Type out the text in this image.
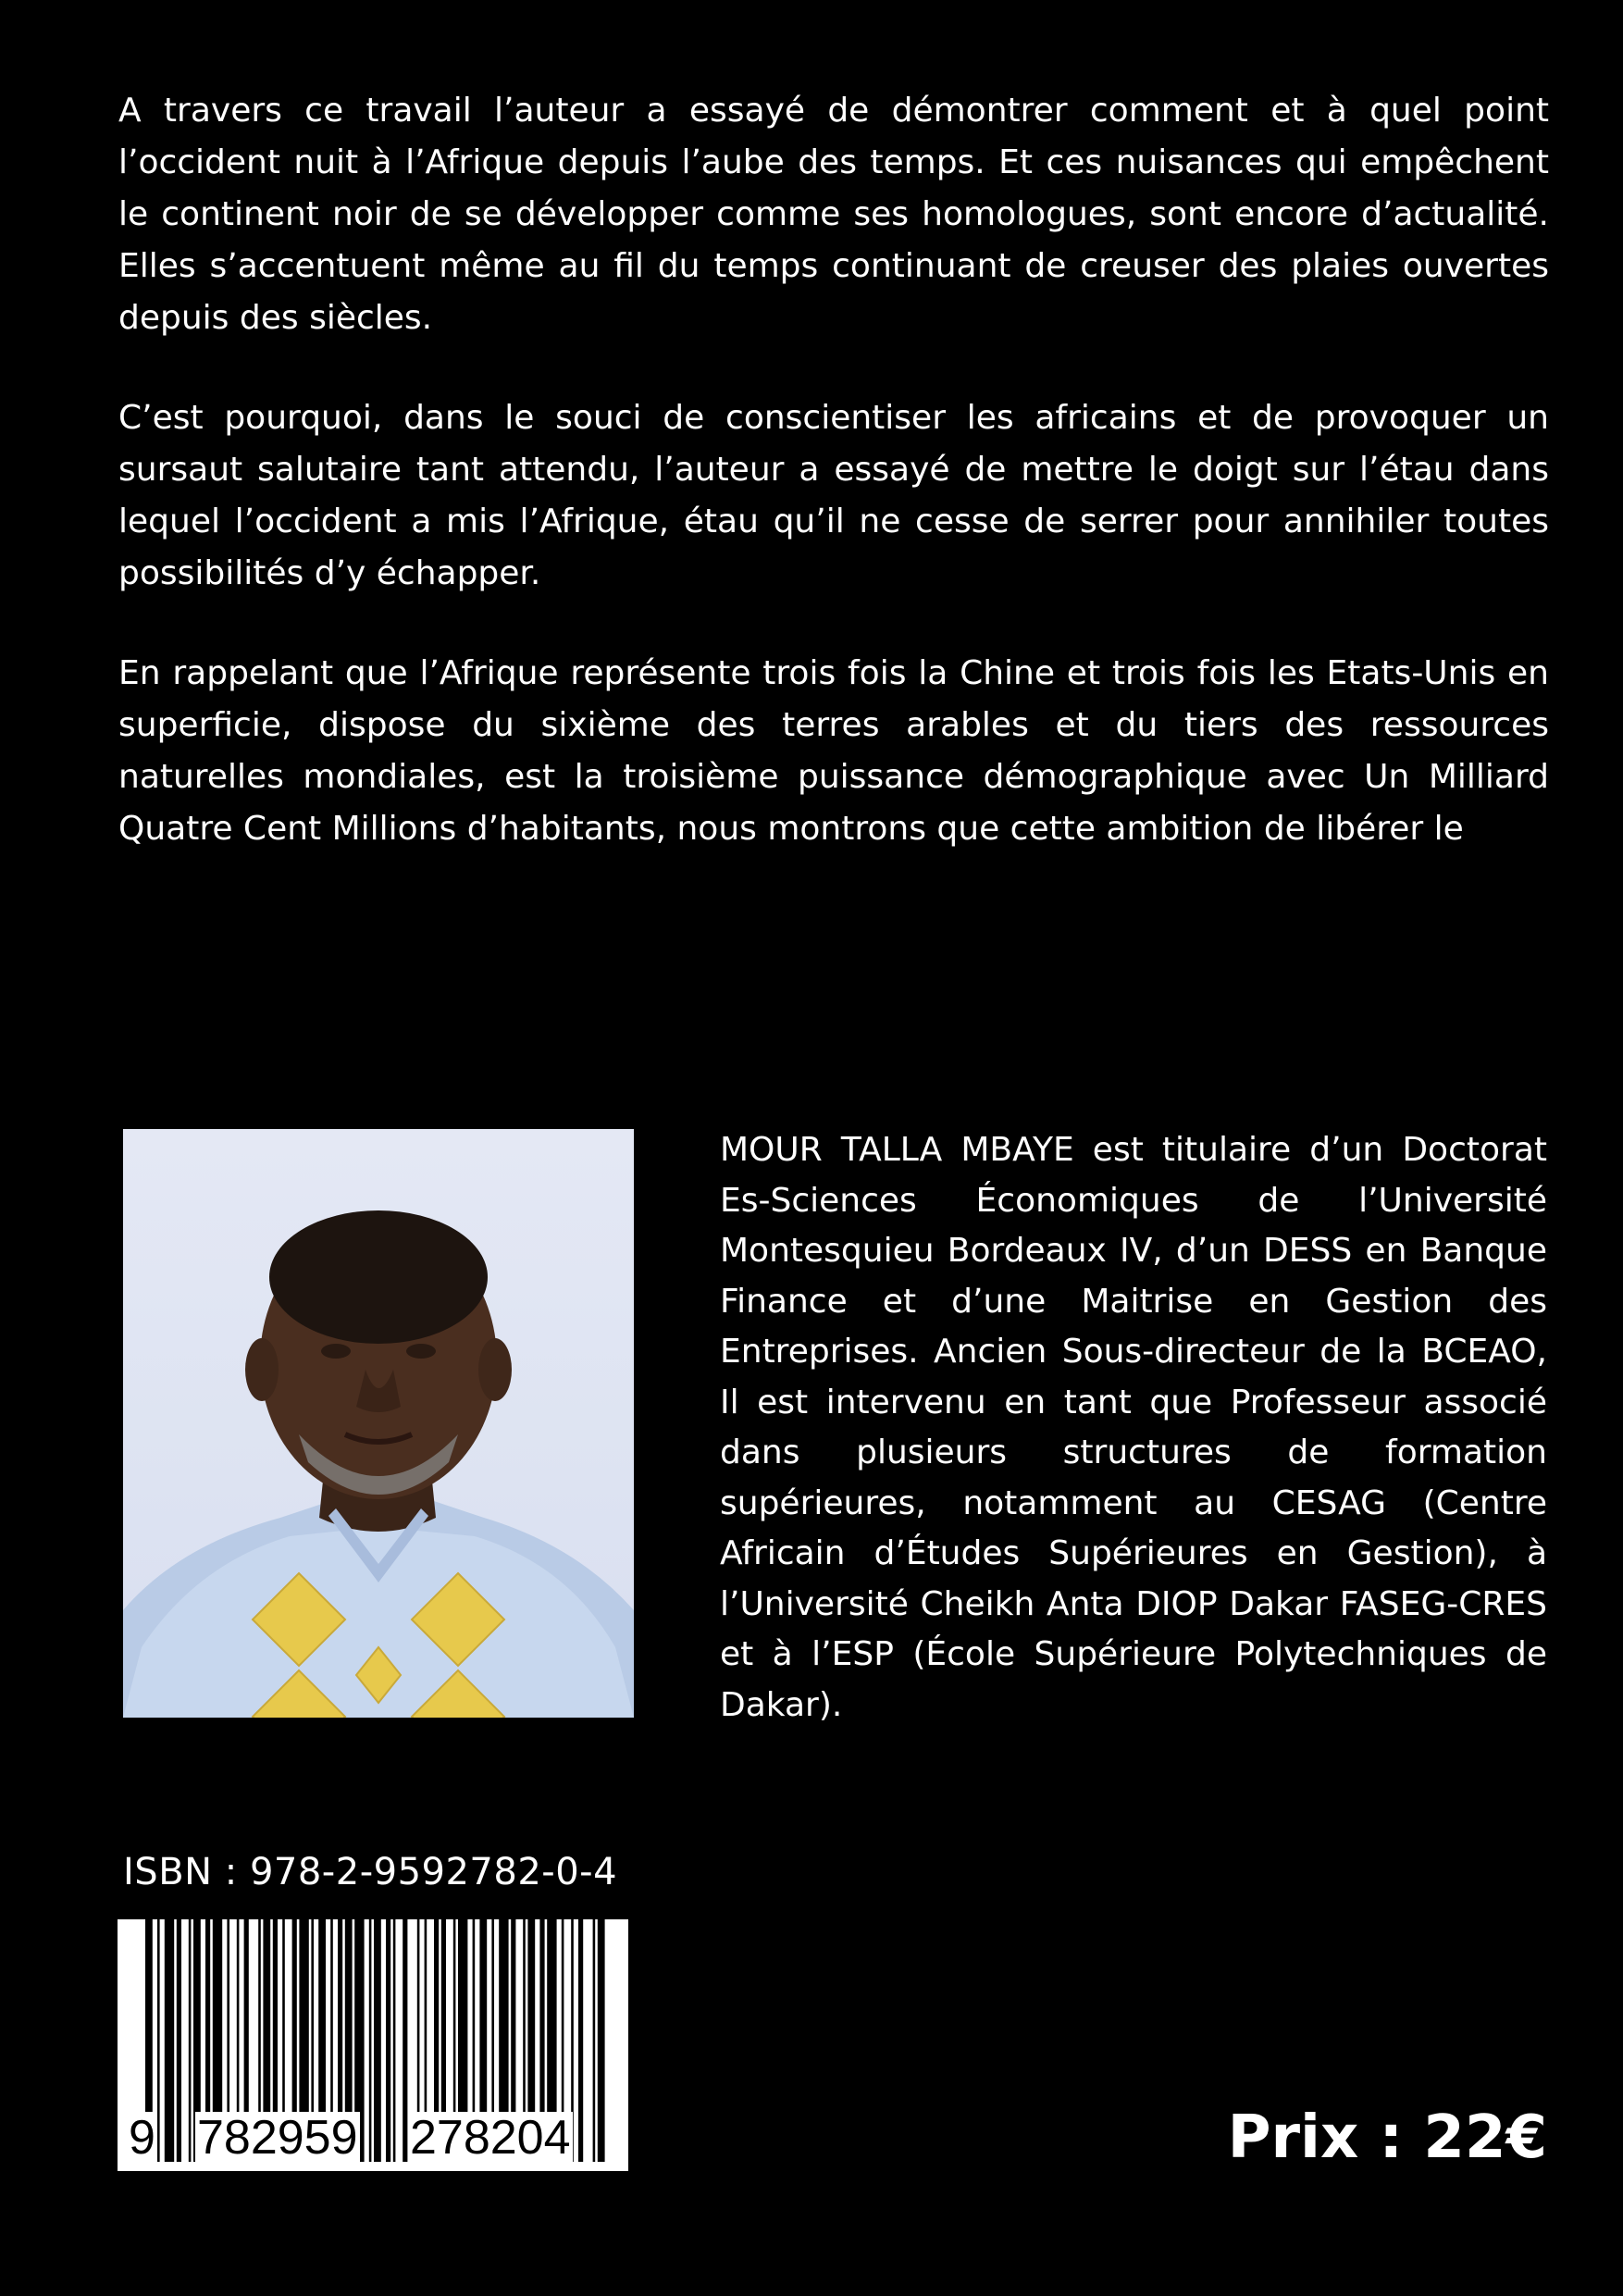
A travers ce travail l’auteur a essayé de démontrer comment et à quel point l’occident nuit à l’Afrique depuis l’aube des temps. Et ces nuisances qui empêchent le continent noir de se développer comme ses homologues, sont encore d’actualité. Elles s’accentuent même au fil du temps continuant de creuser des plaies ouvertes depuis des siècles.

C’est pourquoi, dans le souci de conscientiser les africains et de provoquer un sursaut salutaire tant attendu, l’auteur a essayé de mettre le doigt sur l’étau dans lequel l’occident a mis l’Afrique, étau qu’il ne cesse de serrer pour annihiler toutes possibilités d’y échapper.

En rappelant que l’Afrique représente trois fois la Chine et trois fois les Etats-Unis en superficie, dispose du sixième des terres arables et du tiers des ressources naturelles mondiales, est la troisième puissance démographique avec Un Milliard Quatre Cent Millions d’habitants, nous montrons que cette ambition de libérer le

MOUR TALLA MBAYE est titulaire d’un Doctorat Es-Sciences Économiques de l’Université Montesquieu Bordeaux IV, d’un DESS en Banque Finance et d’une Maitrise en Gestion des Entreprises. Ancien Sous-directeur de la BCEAO, Il est intervenu en tant que Professeur associé dans plusieurs structures de formation supérieures, notamment au CESAG (Centre Africain d’Études Supérieures en Gestion), à l’Université Cheikh Anta DIOP Dakar FASEG-CRES et à l’ESP (École Supérieure Polytechniques de Dakar).

ISBN : 978-2-9592782-0-4
9 782959 278204	Prix : 22€
